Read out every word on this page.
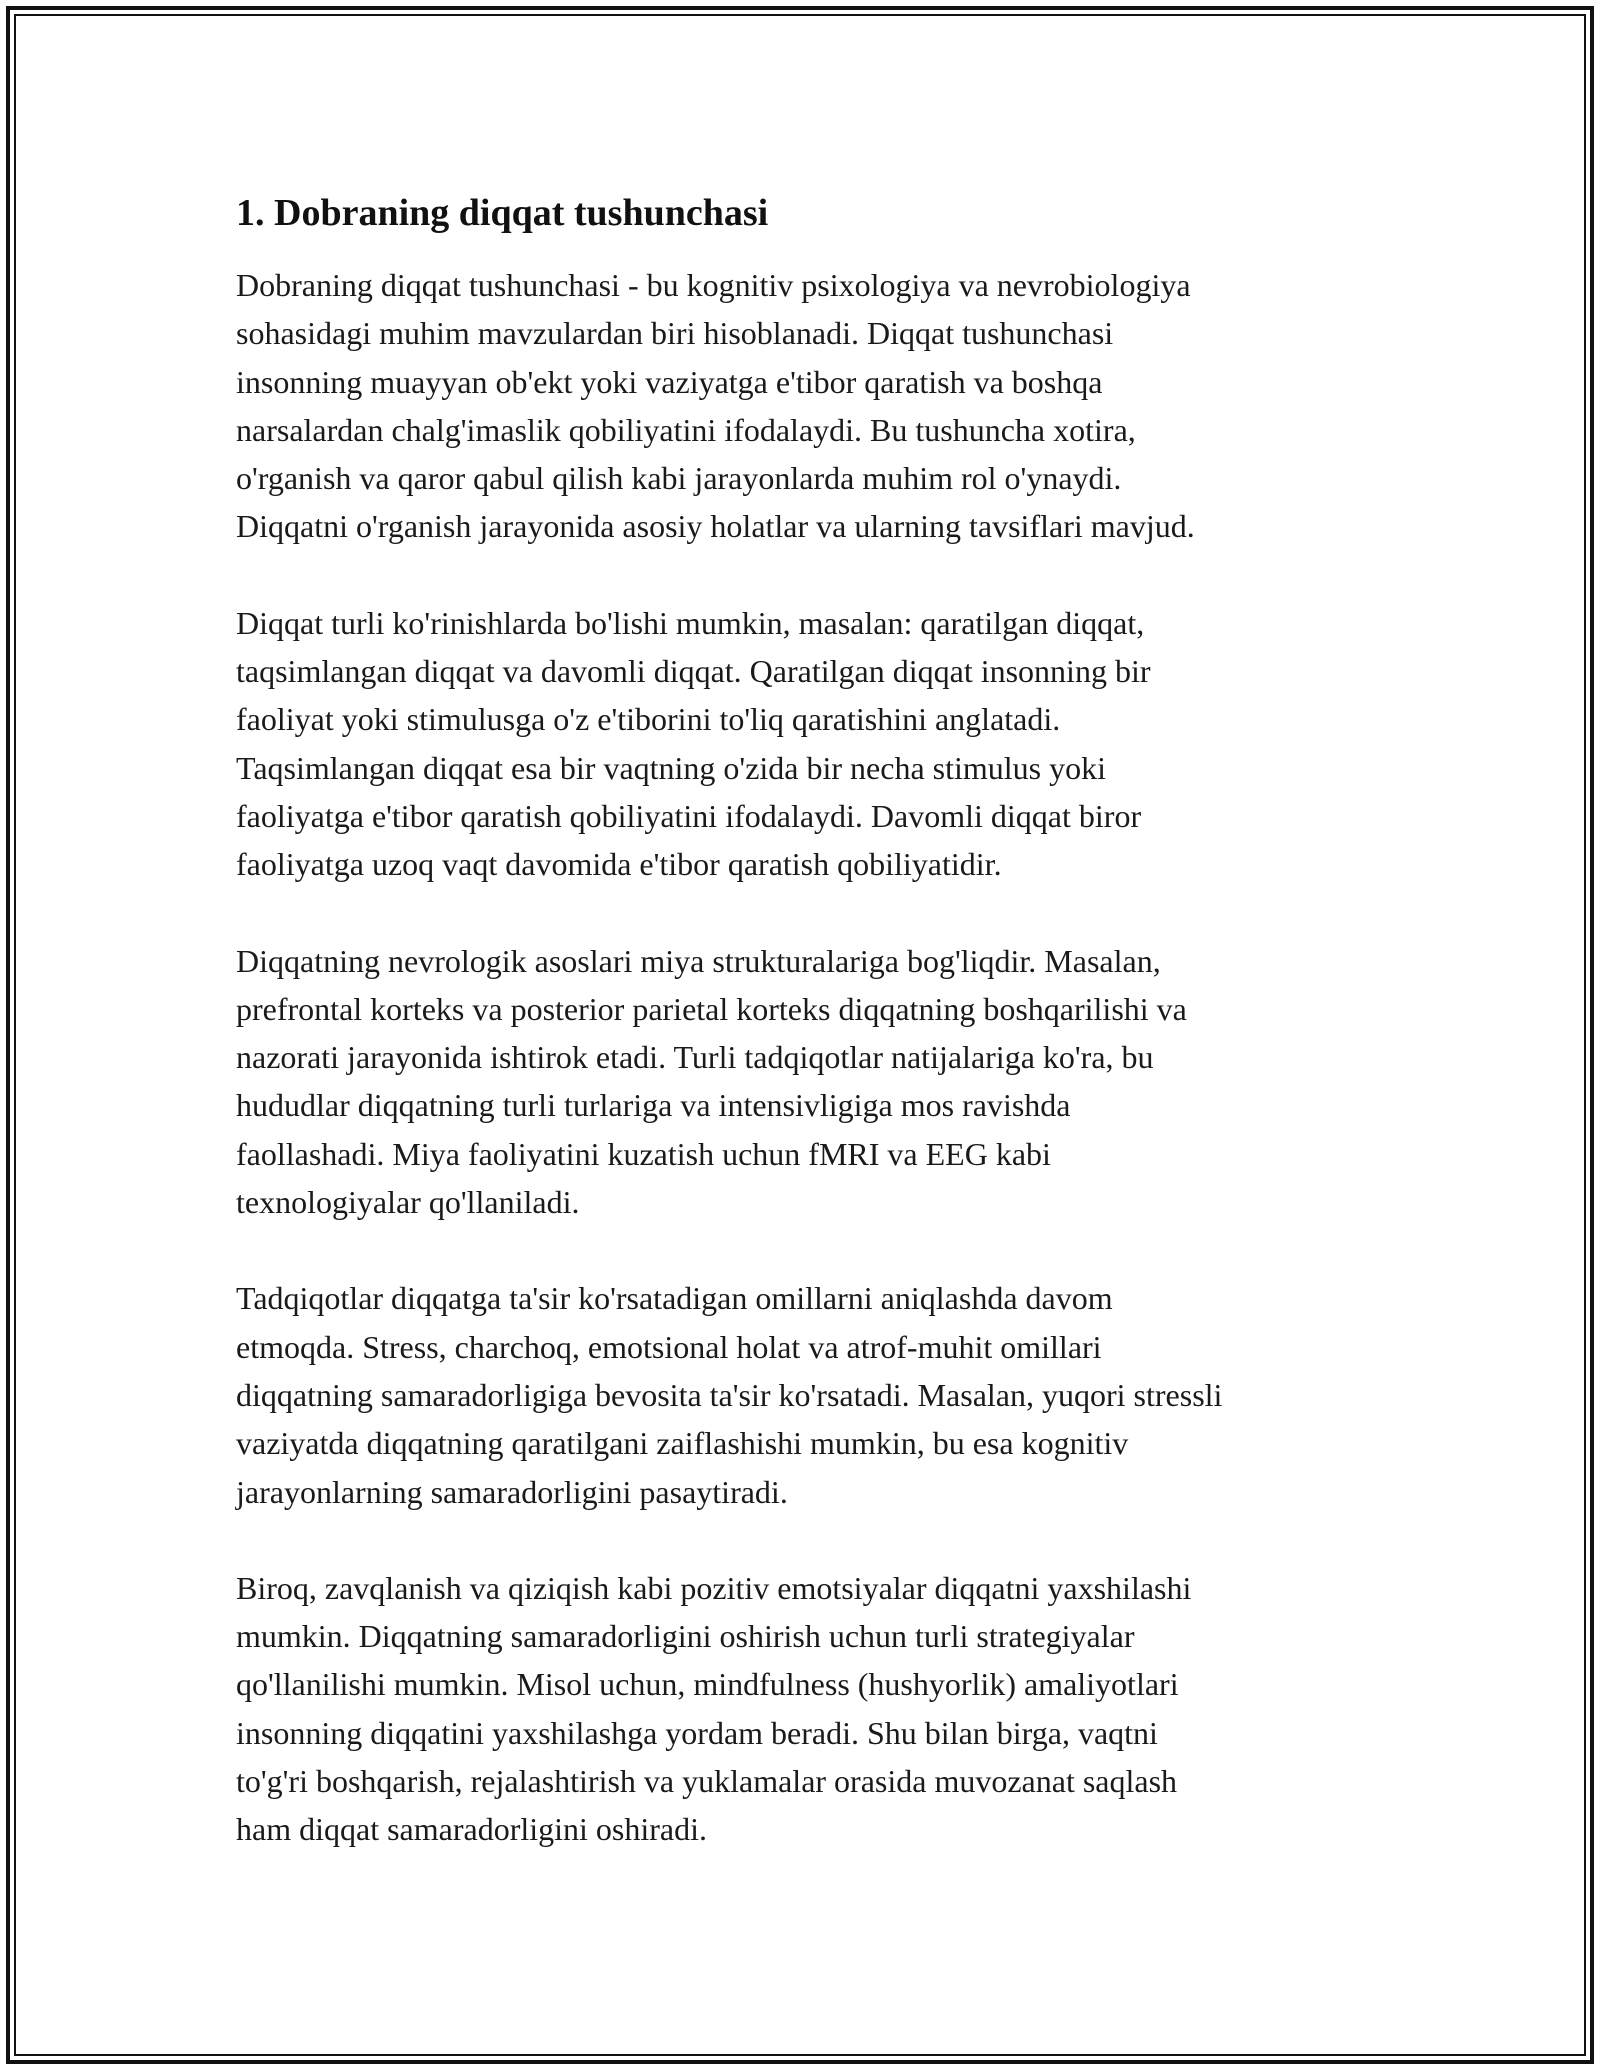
1. Dobraning diqqat tushunchasi

Dobraning diqqat tushunchasi - bu kognitiv psixologiya va nevrobiologiya
sohasidagi muhim mavzulardan biri hisoblanadi. Diqqat tushunchasi
insonning muayyan ob'ekt yoki vaziyatga e'tibor qaratish va boshqa
narsalardan chalg'imaslik qobiliyatini ifodalaydi. Bu tushuncha xotira,
o'rganish va qaror qabul qilish kabi jarayonlarda muhim rol o'ynaydi.
Diqqatni o'rganish jarayonida asosiy holatlar va ularning tavsiflari mavjud.

Diqqat turli ko'rinishlarda bo'lishi mumkin, masalan: qaratilgan diqqat,
taqsimlangan diqqat va davomli diqqat. Qaratilgan diqqat insonning bir
faoliyat yoki stimulusga o'z e'tiborini to'liq qaratishini anglatadi.
Taqsimlangan diqqat esa bir vaqtning o'zida bir necha stimulus yoki
faoliyatga e'tibor qaratish qobiliyatini ifodalaydi. Davomli diqqat biror
faoliyatga uzoq vaqt davomida e'tibor qaratish qobiliyatidir.

Diqqatning nevrologik asoslari miya strukturalariga bog'liqdir. Masalan,
prefrontal korteks va posterior parietal korteks diqqatning boshqarilishi va
nazorati jarayonida ishtirok etadi. Turli tadqiqotlar natijalariga ko'ra, bu
hududlar diqqatning turli turlariga va intensivligiga mos ravishda
faollashadi. Miya faoliyatini kuzatish uchun fMRI va EEG kabi
texnologiyalar qo'llaniladi.

Tadqiqotlar diqqatga ta'sir ko'rsatadigan omillarni aniqlashda davom
etmoqda. Stress, charchoq, emotsional holat va atrof-muhit omillari
diqqatning samaradorligiga bevosita ta'sir ko'rsatadi. Masalan, yuqori stressli
vaziyatda diqqatning qaratilgani zaiflashishi mumkin, bu esa kognitiv
jarayonlarning samaradorligini pasaytiradi.

Biroq, zavqlanish va qiziqish kabi pozitiv emotsiyalar diqqatni yaxshilashi
mumkin. Diqqatning samaradorligini oshirish uchun turli strategiyalar
qo'llanilishi mumkin. Misol uchun, mindfulness (hushyorlik) amaliyotlari
insonning diqqatini yaxshilashga yordam beradi. Shu bilan birga, vaqtni
to'g'ri boshqarish, rejalashtirish va yuklamalar orasida muvozanat saqlash
ham diqqat samaradorligini oshiradi.
